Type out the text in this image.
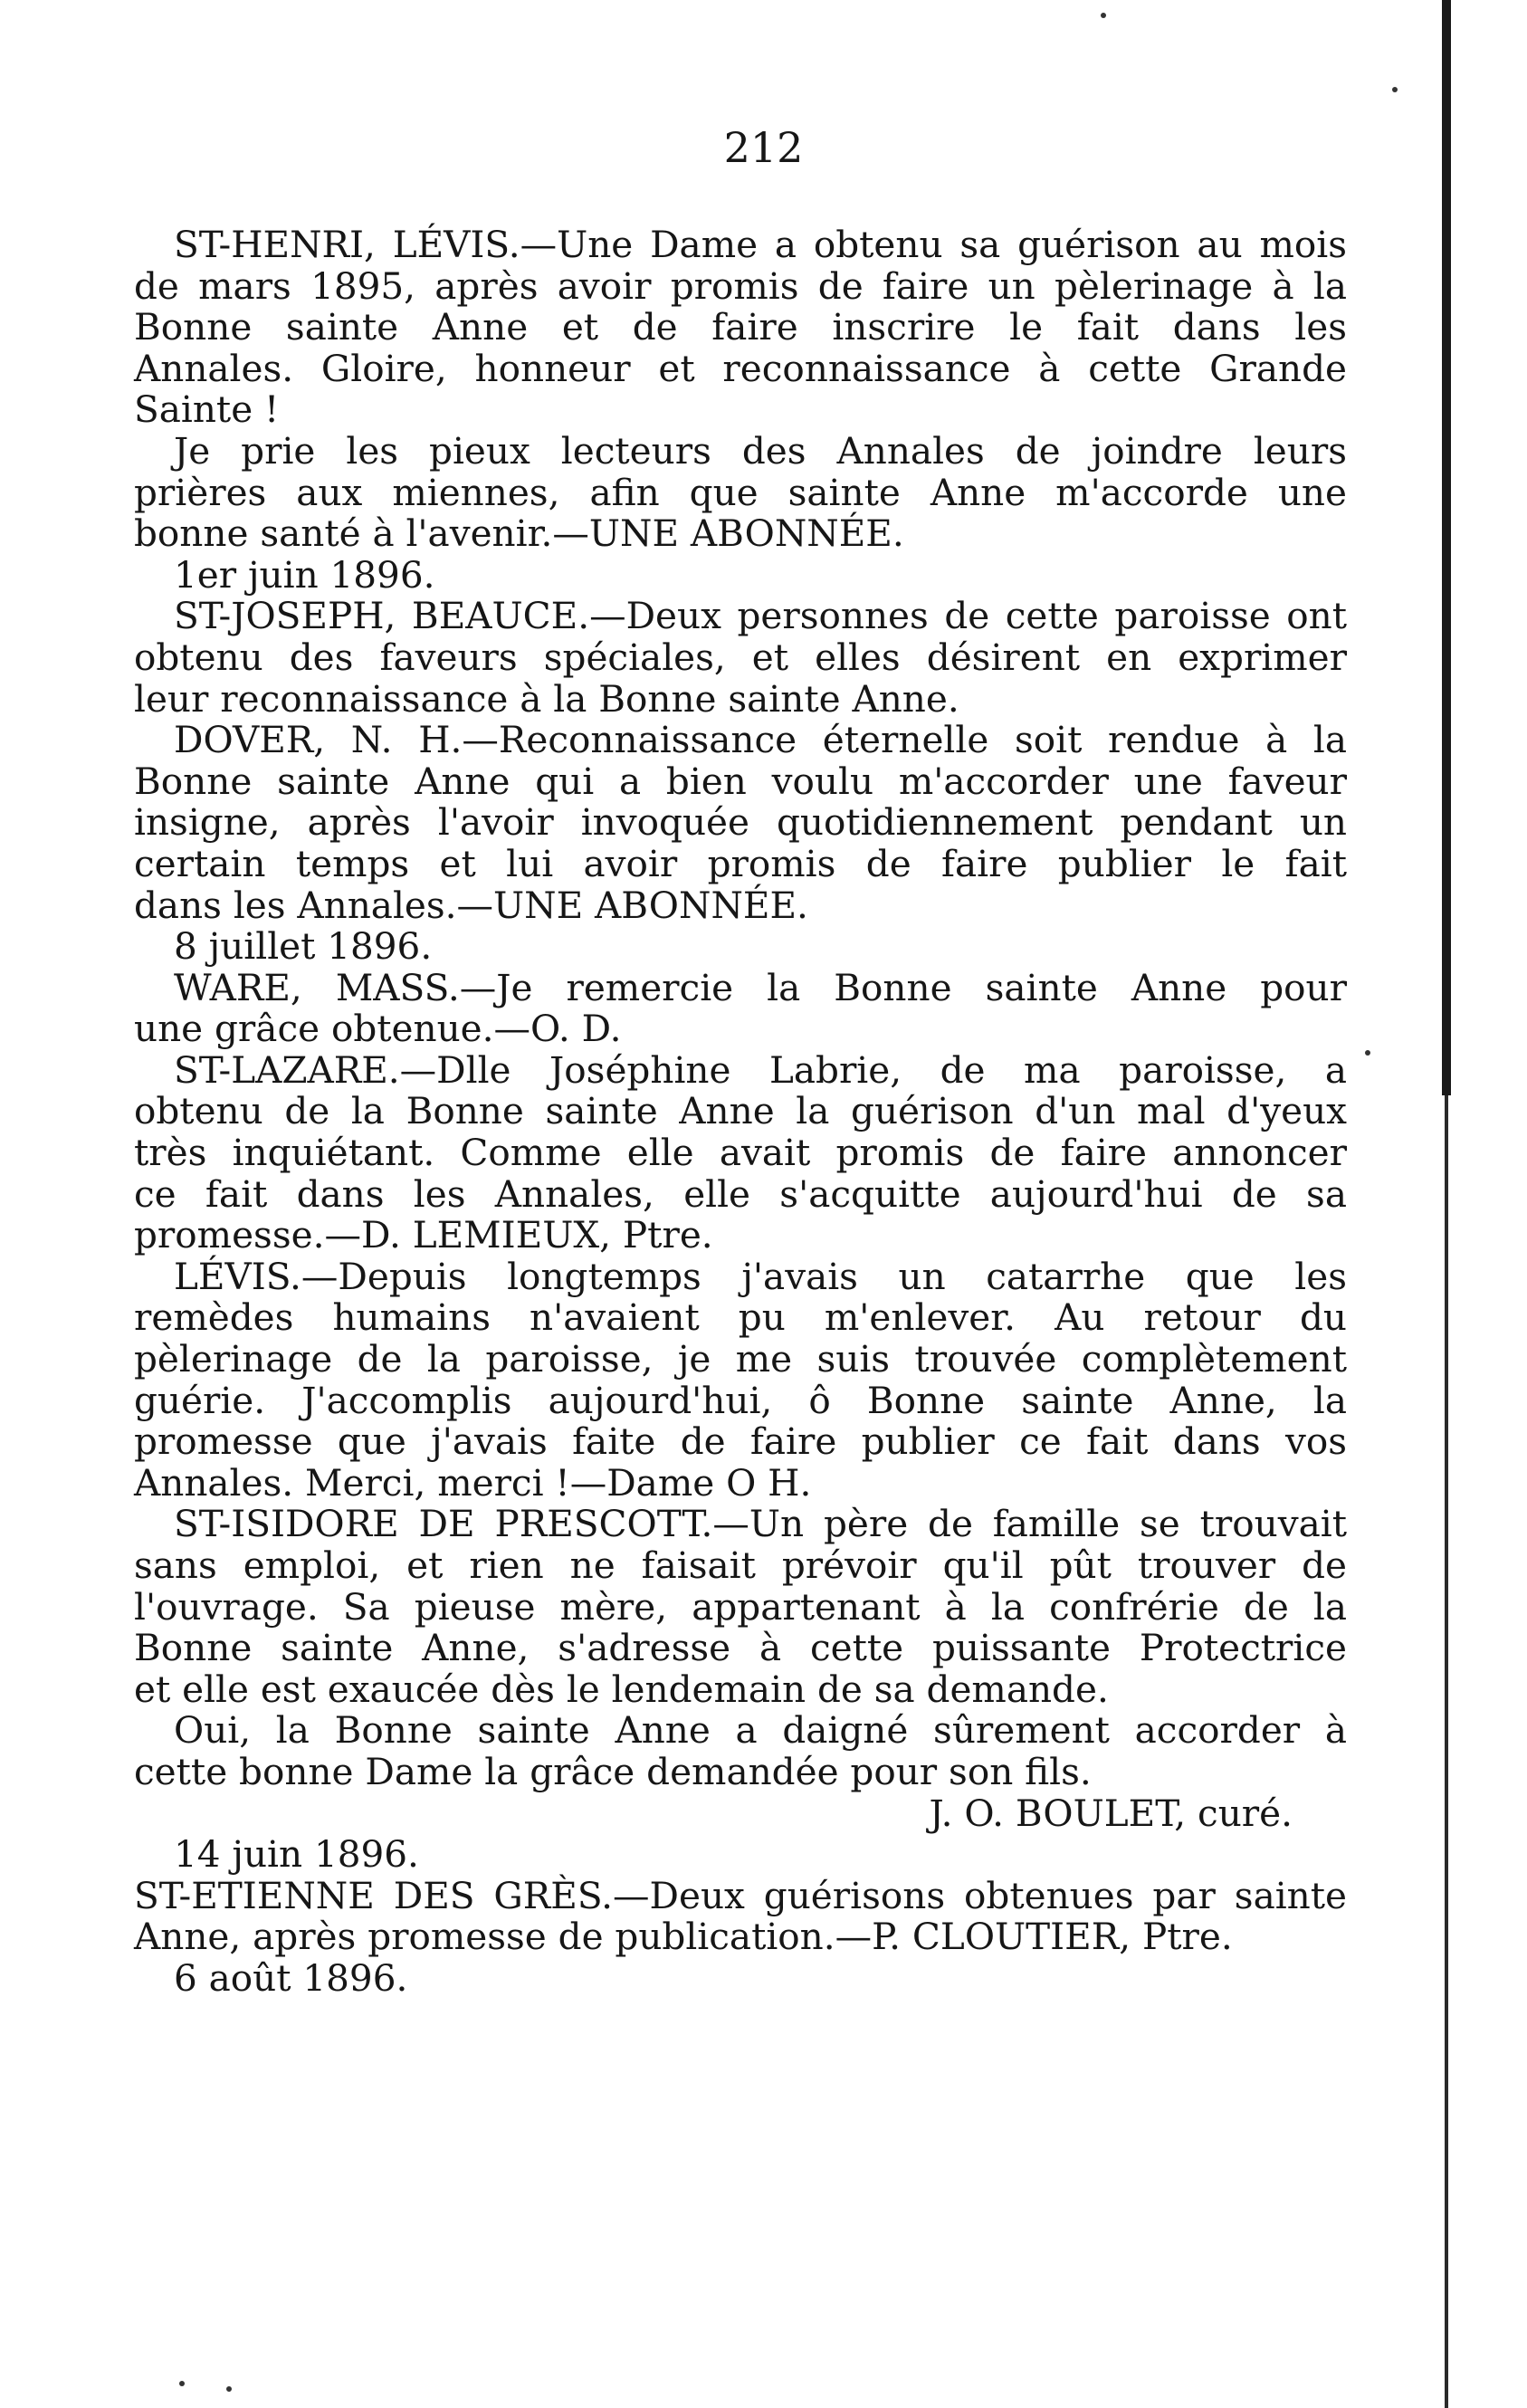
212
ST-HENRI, LÉVIS.—Une Dame a obtenu sa guérison au mois
de mars 1895, après avoir promis de faire un pèlerinage à la
Bonne sainte Anne et de faire inscrire le fait dans les
Annales. Gloire, honneur et reconnaissance à cette Grande
Sainte !
Je prie les pieux lecteurs des Annales de joindre leurs
prières aux miennes, afin que sainte Anne m'accorde une
bonne santé à l'avenir.—UNE ABONNÉE.
1er juin 1896.
ST-JOSEPH, BEAUCE.—Deux personnes de cette paroisse ont
obtenu des faveurs spéciales, et elles désirent en exprimer
leur reconnaissance à la Bonne sainte Anne.
DOVER, N. H.—Reconnaissance éternelle soit rendue à la
Bonne sainte Anne qui a bien voulu m'accorder une faveur
insigne, après l'avoir invoquée quotidiennement pendant un
certain temps et lui avoir promis de faire publier le fait
dans les Annales.—UNE ABONNÉE.
8 juillet 1896.
WARE, MASS.—Je remercie la Bonne sainte Anne pour
une grâce obtenue.—O. D.
ST-LAZARE.—Dlle Joséphine Labrie, de ma paroisse, a
obtenu de la Bonne sainte Anne la guérison d'un mal d'yeux
très inquiétant. Comme elle avait promis de faire annoncer
ce fait dans les Annales, elle s'acquitte aujourd'hui de sa
promesse.—D. LEMIEUX, Ptre.
LÉVIS.—Depuis longtemps j'avais un catarrhe que les
remèdes humains n'avaient pu m'enlever. Au retour du
pèlerinage de la paroisse, je me suis trouvée complètement
guérie. J'accomplis aujourd'hui, ô Bonne sainte Anne, la
promesse que j'avais faite de faire publier ce fait dans vos
Annales. Merci, merci !—Dame O H.
ST-ISIDORE DE PRESCOTT.—Un père de famille se trouvait
sans emploi, et rien ne faisait prévoir qu'il pût trouver de
l'ouvrage. Sa pieuse mère, appartenant à la confrérie de la
Bonne sainte Anne, s'adresse à cette puissante Protectrice
et elle est exaucée dès le lendemain de sa demande.
Oui, la Bonne sainte Anne a daigné sûrement accorder à
cette bonne Dame la grâce demandée pour son fils.
J. O. BOULET, curé.
14 juin 1896.
ST-ETIENNE DES GRÈS.—Deux guérisons obtenues par sainte
Anne, après promesse de publication.—P. CLOUTIER, Ptre.
6 août 1896.
